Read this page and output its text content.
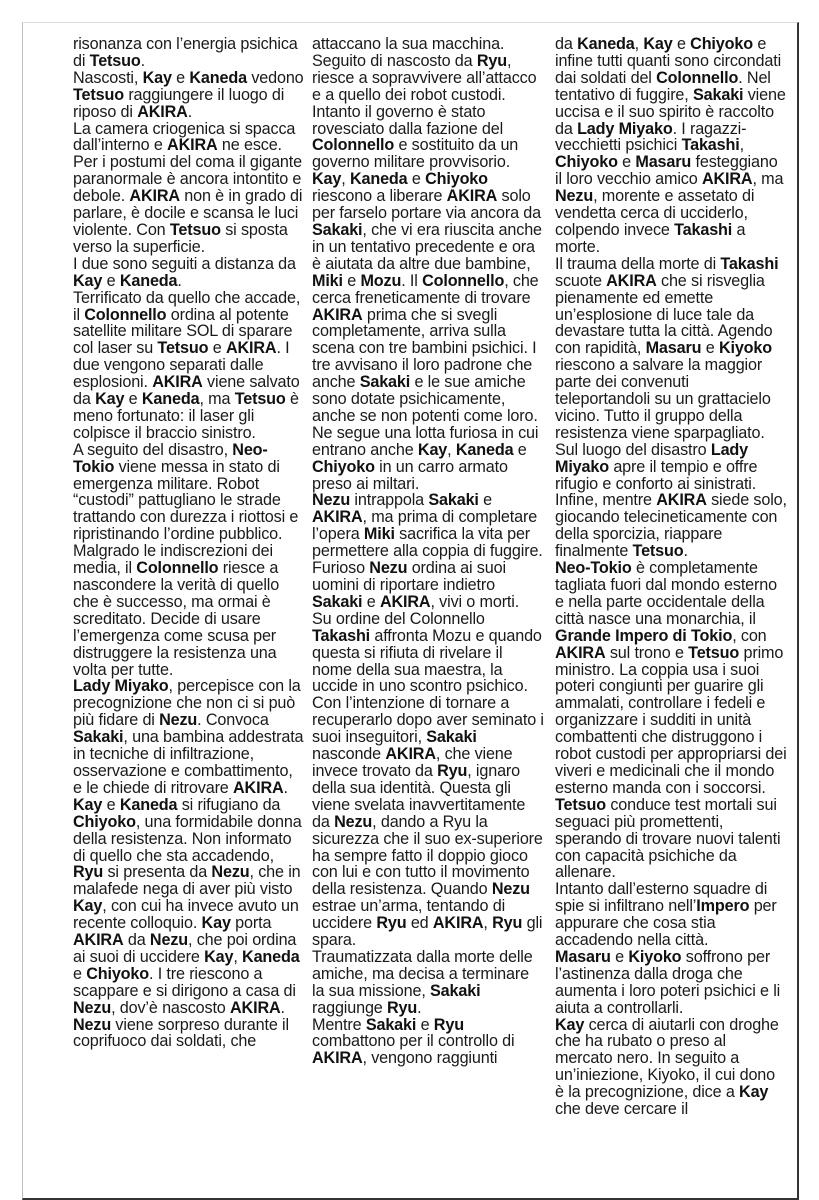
risonanza con l’energia psichica di Tetsuo.

Nascosti, Kay e Kaneda vedono Tetsuo raggiungere il luogo di riposo di AKIRA.

La camera criogenica si spacca dall’interno e AKIRA ne esce.

Per i postumi del coma il gigante paranormale è ancora intontito e debole. AKIRA non è in grado di parlare, è docile e scansa le luci violente. Con Tetsuo si sposta verso la superficie.

I due sono seguiti a distanza da Kay e Kaneda.

Terrificato da quello che accade, il Colonnello ordina al potente satellite militare SOL di sparare col laser su Tetsuo e AKIRA. I due vengono separati dalle esplosioni. AKIRA viene salvato da Kay e Kaneda, ma Tetsuo è meno fortunato: il laser gli colpisce il braccio sinistro.

A seguito del disastro, Neo-Tokio viene messa in stato di emergenza militare. Robot “custodi” pattugliano le strade trattando con durezza i riottosi e ripristinando l’ordine pubblico. Malgrado le indiscrezioni dei media, il Colonnello riesce a nascondere la verità di quello che è successo, ma ormai è screditato. Decide di usare l’emergenza come scusa per distruggere la resistenza una volta per tutte.

Lady Miyako, percepisce con la precognizione che non ci si può più fidare di Nezu. Convoca Sakaki, una bambina addestrata in tecniche di infiltrazione, osservazione e combattimento, e le chiede di ritrovare AKIRA.

Kay e Kaneda si rifugiano da Chiyoko, una formidabile donna della resistenza. Non informato di quello che sta accadendo, Ryu si presenta da Nezu, che in malafede nega di aver più visto Kay, con cui ha invece avuto un recente colloquio. Kay porta AKIRA da Nezu, che poi ordina ai suoi di uccidere Kay, Kaneda e Chiyoko. I tre riescono a scappare e si dirigono a casa di Nezu, dov’è nascosto AKIRA.

Nezu viene sorpreso durante il coprifuoco dai soldati, che

attaccano la sua macchina. Seguito di nascosto da Ryu, riesce a sopravvivere all’attacco e a quello dei robot custodi. Intanto il governo è stato rovesciato dalla fazione del Colonnello e sostituito da un governo militare provvisorio.

Kay, Kaneda e Chiyoko riescono a liberare AKIRA solo per farselo portare via ancora da Sakaki, che vi era riuscita anche in un tentativo precedente e ora è aiutata da altre due bambine, Miki e Mozu. Il Colonnello, che cerca freneticamente di trovare AKIRA prima che si svegli completamente, arriva sulla scena con tre bambini psichici. I tre avvisano il loro padrone che anche Sakaki e le sue amiche sono dotate psichicamente, anche se non potenti come loro.

Ne segue una lotta furiosa in cui entrano anche Kay, Kaneda e Chiyoko in un carro armato preso ai miltari.

Nezu intrappola Sakaki e AKIRA, ma prima di completare l’opera Miki sacrifica la vita per permettere alla coppia di fuggire. Furioso Nezu ordina ai suoi uomini di riportare indietro Sakaki e AKIRA, vivi o morti.

Su ordine del Colonnello Takashi affronta Mozu e quando questa si rifiuta di rivelare il nome della sua maestra, la uccide in uno scontro psichico.

Con l’intenzione di tornare a recuperarlo dopo aver seminato i suoi inseguitori, Sakaki nasconde AKIRA, che viene invece trovato da Ryu, ignaro della sua identità. Questa gli viene svelata inavvertitamente da Nezu, dando a Ryu la sicurezza che il suo ex-superiore ha sempre fatto il doppio gioco con lui e con tutto il movimento della resistenza. Quando Nezu estrae un’arma, tentando di uccidere Ryu ed AKIRA, Ryu gli spara.

Traumatizzata dalla morte delle amiche, ma decisa a terminare la sua missione, Sakaki raggiunge Ryu.

Mentre Sakaki e Ryu combattono per il controllo di AKIRA, vengono raggiunti

da Kaneda, Kay e Chiyoko e infine tutti quanti sono circondati dai soldati del Colonnello. Nel tentativo di fuggire, Sakaki viene uccisa e il suo spirito è raccolto da Lady Miyako. I ragazzi-vecchietti psichici Takashi, Chiyoko e Masaru festeggiano il loro vecchio amico AKIRA, ma Nezu, morente e assetato di vendetta cerca di ucciderlo, colpendo invece Takashi a morte.

Il trauma della morte di Takashi scuote AKIRA che si risveglia pienamente ed emette un’esplosione di luce tale da devastare tutta la città. Agendo con rapidità, Masaru e Kiyoko riescono a salvare la maggior parte dei convenuti teleportandoli su un grattacielo vicino. Tutto il gruppo della resistenza viene sparpagliato. Sul luogo del disastro Lady Miyako apre il tempio e offre rifugio e conforto ai sinistrati.

Infine, mentre AKIRA siede solo, giocando telecineticamente con della sporcizia, riappare finalmente Tetsuo.

Neo-Tokio è completamente tagliata fuori dal mondo esterno e nella parte occidentale della città nasce una monarchia, il Grande Impero di Tokio, con AKIRA sul trono e Tetsuo primo ministro. La coppia usa i suoi poteri congiunti per guarire gli ammalati, controllare i fedeli e organizzare i sudditi in unità combattenti che distruggono i robot custodi per appropriarsi dei viveri e medicinali che il mondo esterno manda con i soccorsi. Tetsuo conduce test mortali sui seguaci più promettenti, sperando di trovare nuovi talenti con capacità psichiche da allenare.

Intanto dall’esterno squadre di spie si infiltrano nell’Impero per appurare che cosa stia accadendo nella città.

Masaru e Kiyoko soffrono per l’astinenza dalla droga che aumenta i loro poteri psichici e li aiuta a controllarli.

Kay cerca di aiutarli con droghe che ha rubato o preso al mercato nero. In seguito a un’iniezione, Kiyoko, il cui dono è la precognizione, dice a Kay che deve cercare il
